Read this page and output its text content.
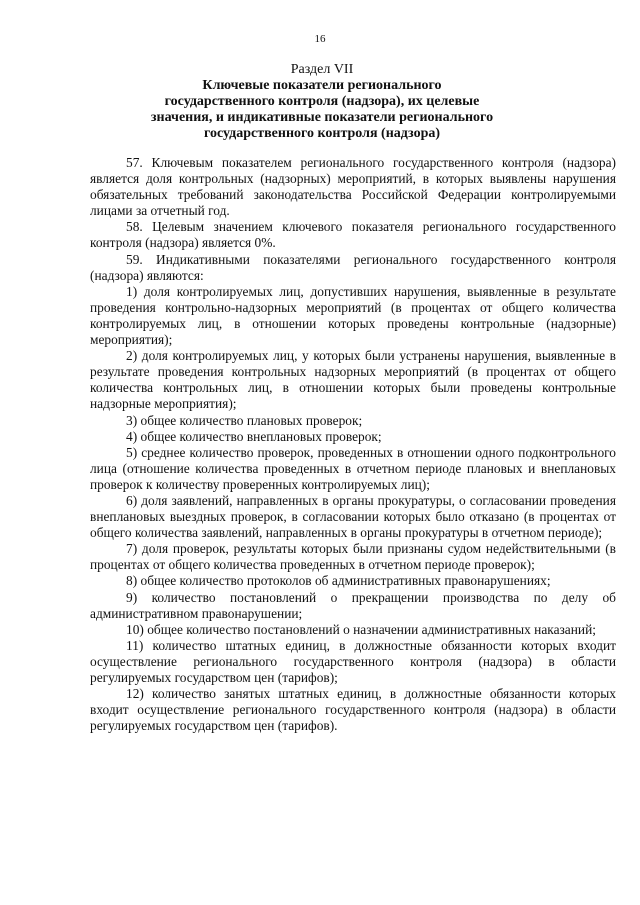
16
Раздел VII
Ключевые показатели регионального
государственного контроля (надзора), их целевые
значения, и индикативные показатели регионального
государственного контроля (надзора)

57. Ключевым показателем регионального государственного контроля (надзора) является доля контрольных (надзорных) мероприятий, в которых выявлены нарушения обязательных требований законодательства Российской Федерации контролируемыми лицами за отчетный год.

58. Целевым значением ключевого показателя регионального государственного контроля (надзора) является 0%.

59. Индикативными показателями регионального государственного контроля (надзора) являются:

1) доля контролируемых лиц, допустивших нарушения, выявленные в результате проведения контрольно-надзорных мероприятий (в процентах от общего количества контролируемых лиц, в отношении которых проведены контрольные (надзорные) мероприятия);

2) доля контролируемых лиц, у которых были устранены нарушения, выявленные в результате проведения контрольных надзорных мероприятий (в процентах от общего количества контрольных лиц, в отношении которых были проведены контрольные надзорные мероприятия);

3) общее количество плановых проверок;

4) общее количество внеплановых проверок;

5) среднее количество проверок, проведенных в отношении одного подконтрольного лица (отношение количества проведенных в отчетном периоде плановых и внеплановых проверок к количеству проверенных контролируемых лиц);

6) доля заявлений, направленных в органы прокуратуры, о согласовании проведения внеплановых выездных проверок, в согласовании которых было отказано (в процентах от общего количества заявлений, направленных в органы прокуратуры в отчетном периоде);

7) доля проверок, результаты которых были признаны судом недействительными (в процентах от общего количества проведенных в отчетном периоде проверок);

8) общее количество протоколов об административных правонарушениях;

9) количество постановлений о прекращении производства по делу об административном правонарушении;

10) общее количество постановлений о назначении административных наказаний;

11) количество штатных единиц, в должностные обязанности которых входит осуществление регионального государственного контроля (надзора) в области регулируемых государством цен (тарифов);

12) количество занятых штатных единиц, в должностные обязанности которых входит осуществление регионального государственного контроля (надзора) в области регулируемых государством цен (тарифов).
